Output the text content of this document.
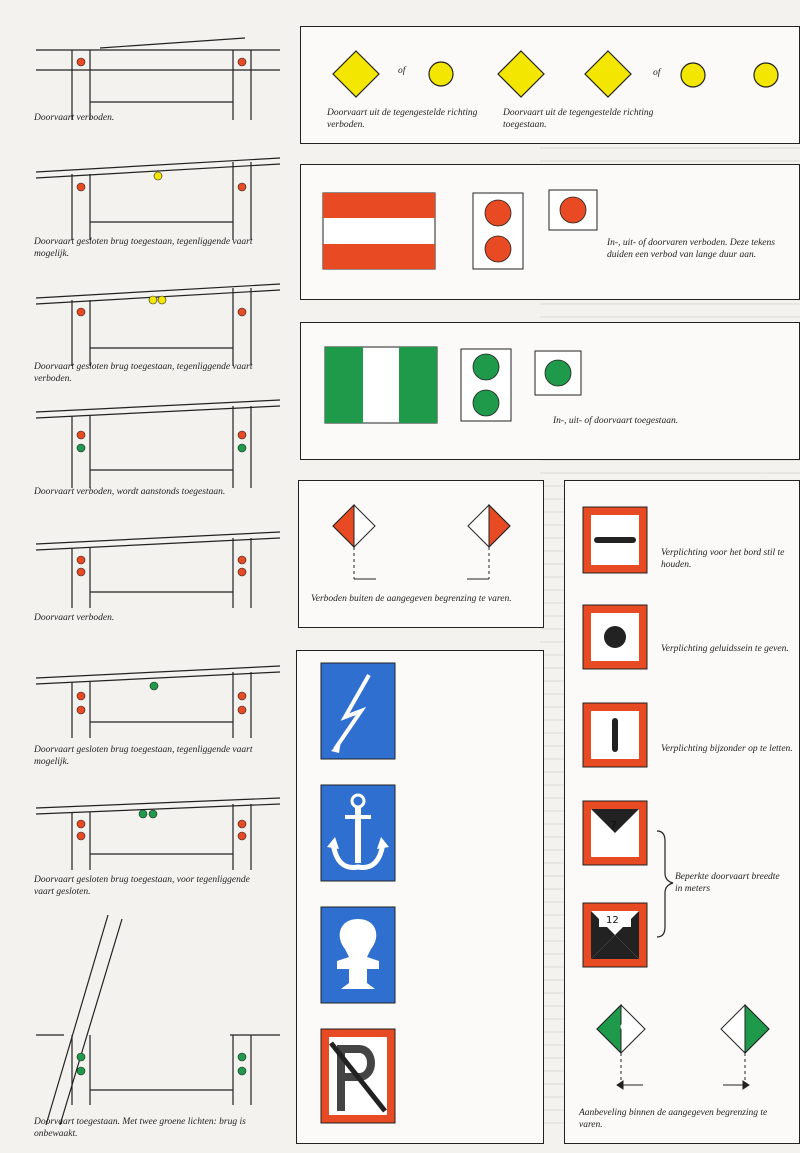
Doorvaart verboden.

Doorvaart gesloten brug toegestaan, tegenliggende vaart mogelijk.

Doorvaart gesloten brug toegestaan, tegenliggende vaart verboden.

Doorvaart verboden, wordt aanstonds toegestaan.

Doorvaart verboden.

Doorvaart gesloten brug toegestaan, tegenliggende vaart mogelijk.

Doorvaart gesloten brug toegestaan, voor tegenliggende vaart gesloten.

Doorvaart toegestaan. Met twee groene lichten: brug is onbewaakt.

of	of

Doorvaart uit de tegengestelde richting verboden.

Doorvaart uit de tegengestelde richting toegestaan.

In-, uit- of doorvaren verboden. Deze tekens duiden een verbod van lange duur aan.

In-, uit- of doorvaart toegestaan.

Verboden buiten de aangegeven begrenzing te varen.

7
12
G	G

Verplichting voor het bord stil te houden.

Verplichting geluidssein te geven.

Verplichting bijzonder op te letten.

Beperkte doorvaart breedte in meters

Aanbeveling binnen de aangegeven begrenzing te varen.
